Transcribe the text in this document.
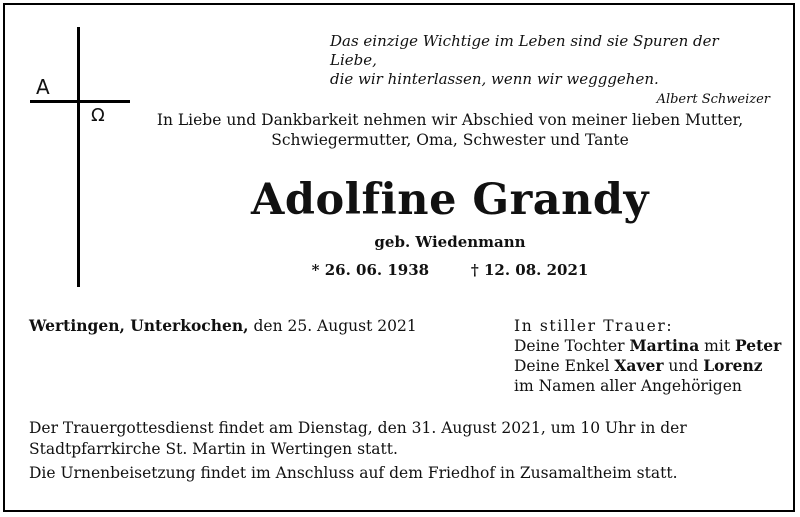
A
Ω
Das einzige Wichtige im Leben sind sie Spuren der Liebe,
die wir hinterlassen, wenn wir wegggehen.
Albert Schweizer
In Liebe und Dankbarkeit nehmen wir Abschied von meiner lieben Mutter,
Schwiegermutter, Oma, Schwester und Tante
Adolfine Grandy
geb. Wiedenmann
* 26. 06. 1938	† 12. 08. 2021
Wertingen, Unterkochen, den 25. August 2021	In stiller Trauer:
Deine Tochter Martina mit Peter
Deine Enkel Xaver und Lorenz
im Namen aller Angehörigen
Der Trauergottesdienst findet am Dienstag, den 31. August 2021, um 10 Uhr in der
Stadtpfarrkirche St. Martin in Wertingen statt.
Die Urnenbeisetzung findet im Anschluss auf dem Friedhof in Zusamaltheim statt.
